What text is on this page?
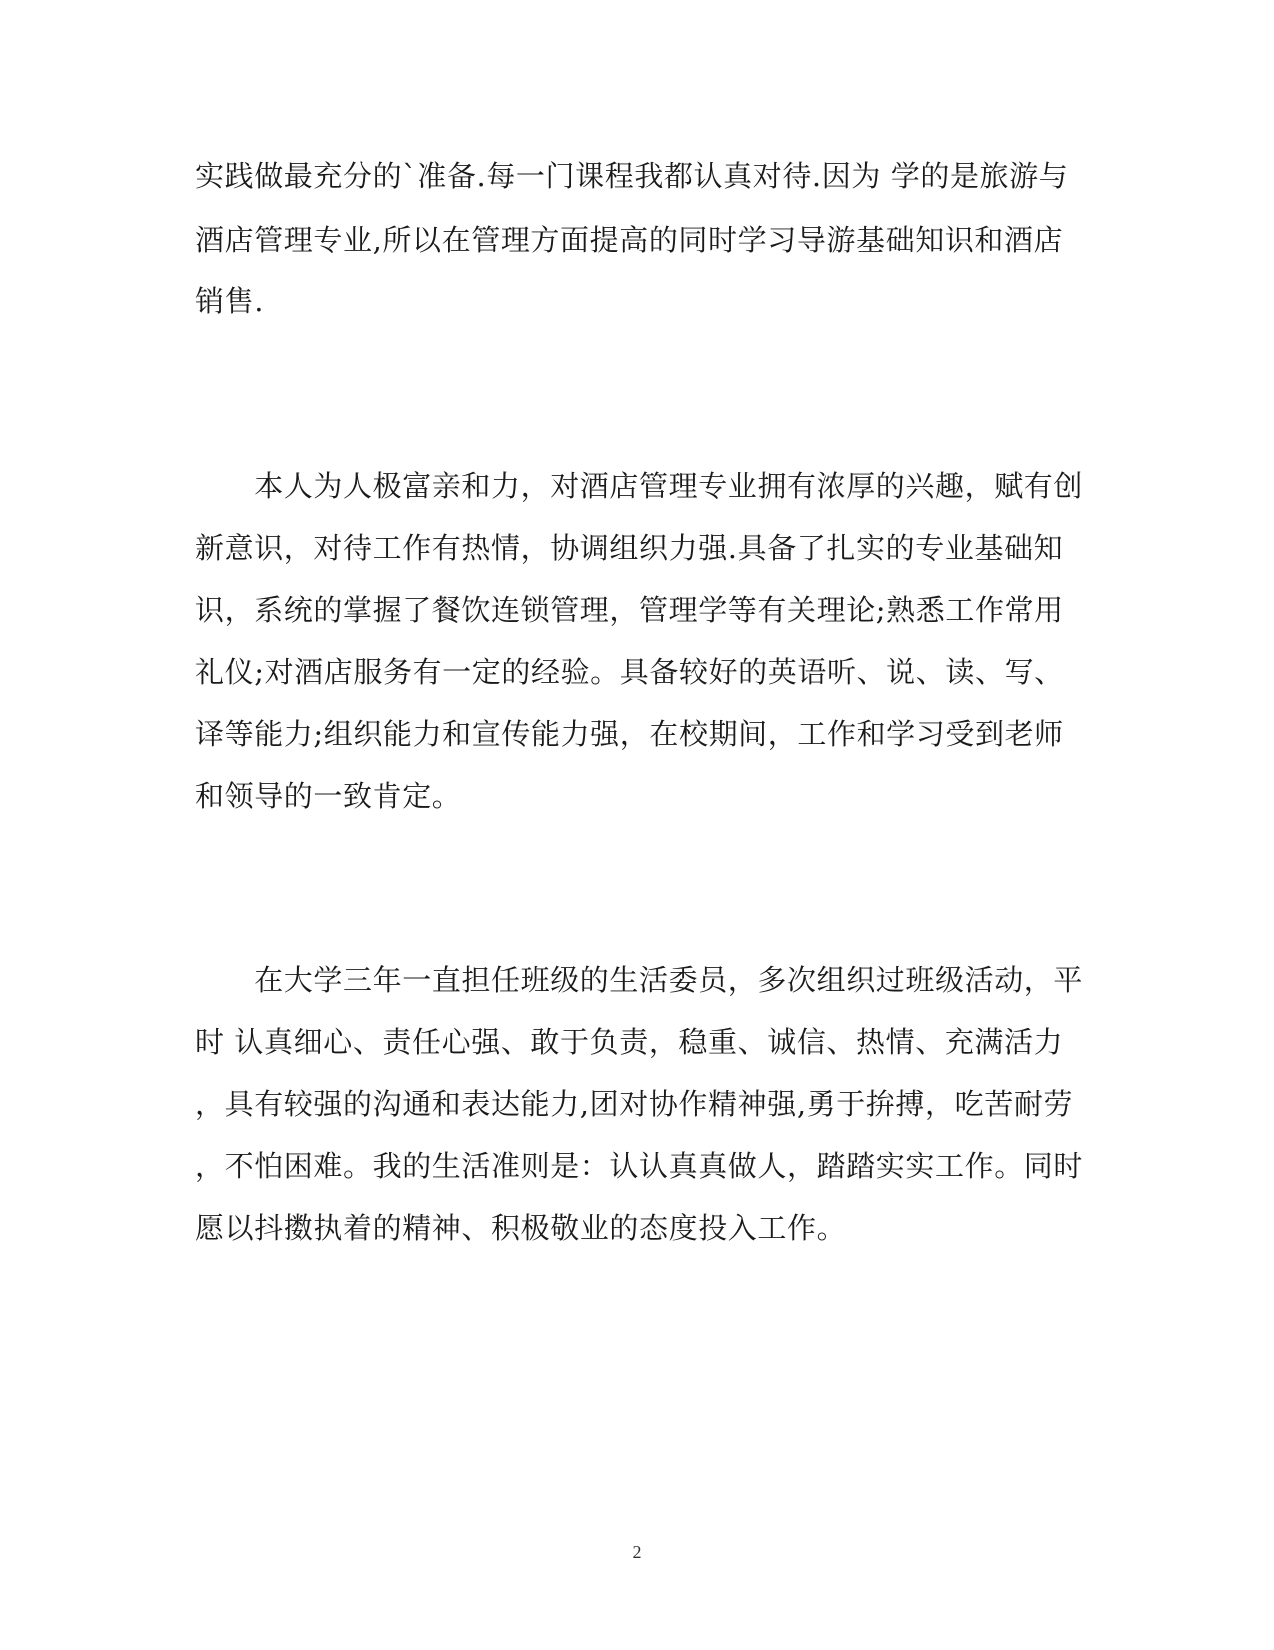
实践做最充分的`准备.每一门课程我都认真对待.因为 学的是旅游与
酒店管理专业,所以在管理方面提高的同时学习导游基础知识和酒店
销售.
　　本人为人极富亲和力，对酒店管理专业拥有浓厚的兴趣，赋有创
新意识，对待工作有热情，协调组织力强.具备了扎实的专业基础知
识，系统的掌握了餐饮连锁管理，管理学等有关理论;熟悉工作常用
礼仪;对酒店服务有一定的经验。具备较好的英语听、说、读、写、
译等能力;组织能力和宣传能力强，在校期间，工作和学习受到老师
和领导的一致肯定。
　　在大学三年一直担任班级的生活委员，多次组织过班级活动，平
时 认真细心、责任心强、敢于负责，稳重、诚信、热情、充满活力
，具有较强的沟通和表达能力,团对协作精神强,勇于拚搏，吃苦耐劳
，不怕困难。我的生活准则是：认认真真做人，踏踏实实工作。同时
愿以抖擞执着的精神、积极敬业的态度投入工作。
2
